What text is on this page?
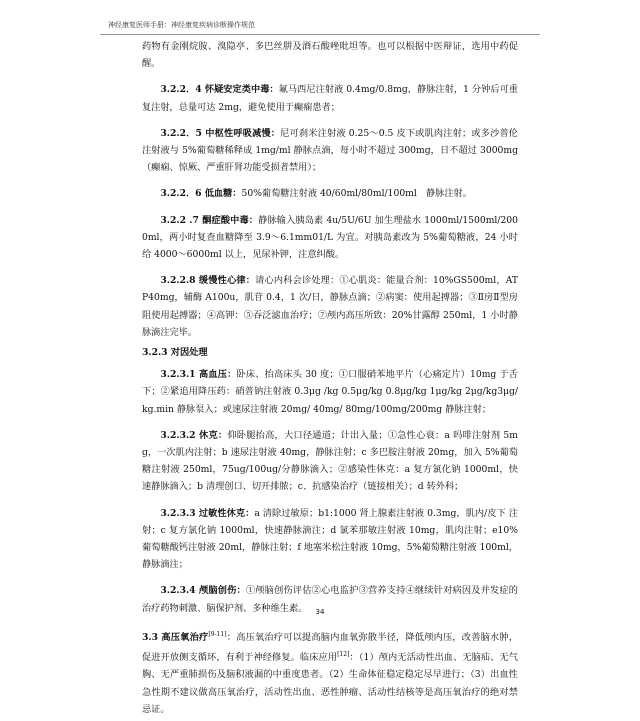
神经康复医师手册：神经康复疾病诊断操作规范

药物有金刚烷胺、溴隐亭、多巴丝肼及酒石酸唑吡坦等。也可以根据中医辩证，选用中药促醒。

3.2.2．4 怀疑安定类中毒：氟马西尼注射液 0.4mg/0.8mg，静脉注射，1 分钟后可重复注射，总量可达 2mg，避免使用于癫痫患者；

3.2.2．5 中枢性呼吸减慢：尼可刹米注射液 0.25～0.5 皮下或肌肉注射；或多沙普伦注射液与 5%葡萄糖稀释成 1mg/ml 静脉点滴，每小时不超过 300mg，日不超过 3000mg（癫痫、惊厥、严重肝肾功能受损者禁用）；

3.2.2．6 低血糖：50%葡萄糖注射液 40/60ml/80ml/100ml　静脉注射。

3.2.2 .7 酮症酸中毒：静脉输入胰岛素 4u/5U/6U 加生理盐水 1000ml/1500ml/2000ml，两小时复查血糖降至 3.9～6.1mm01/L 为宜。对胰岛素改为 5%葡萄糖液，24 小时给 4000～6000ml 以上，见尿补钾，注意纠酸。

3.2.2.8 缓慢性心律：请心内科会诊处理：①心肌炎：能量合剂：10%GS500ml，ATP40mg，辅酶 A100u，肌苷 0.4，1 次/日，静脉点滴；②病窦：使用起搏器；③Ⅱ房Ⅱ型房阻使用起搏器；④高钾：⑤吞泛滤血治疗；⑦颅内高压所致：20%甘露醇 250ml，1 小时静脉滴注完毕。

3.2.3 对因处理

3.2.3.1 高血压：卧床、抬高床头 30 度；①口服硝苯地平片（心痛定片）10mg 于舌下；②紧追用降压药：硝普钠注射液 0.3μg /kg 0.5μg/kg 0.8μg/kg 1μg/kg 2μg/kg3μg/kg.min 静脉泵入；或速尿注射液 20mg/ 40mg/ 80mg/100mg/200mg 静脉注射；

3.2.3.2 休克：仰卧腿抬高，大口径通道；计出入量；①急性心衰：a 吗啡注射剂 5mg，一次肌内注射；b 速尿注射液 40mg，静脉注射；c 多巴胺注射液 20mg，加入 5%葡萄糖注射液 250ml，75ug/100ug/分静脉滴入；②感染性休克：a 复方氯化钠 1000ml，快速静脉滴入；b 清理创口、切开排脓；c、抗感染治疗（链接相关）；d 转外科；

3.2.3.3 过敏性休克：a 清除过敏原；b1:1000 肾上腺素注射液 0.3mg，肌内/皮下 注射；c 复方氯化钠 1000ml，快速静脉滴注；d 氯苯那敏注射液 10mg，肌肉注射；e10%葡萄糖酸钙注射液 20ml，静脉注射；f 地塞米松注射液 10mg，5%葡萄糖注射液 100ml，静脉滴注；

3.2.3.4 颅脑创伤：①颅脑创伤评估②心电监护③营养支持④继续针对病因及并发症的治疗药物刺激、脑保护剂、多种维生素。

3.3 高压氧治疗[9-11]：高压氧治疗可以提高脑内血氧弥散半径，降低颅内压，改善脑水肿，促进开放侧支循环，有利于神经修复。临床应用[12]：（1）颅内无活动性出血、无脑疝、无气胸、无严重肺损伤及脑积液漏的中重度患者。（2）生命体征稳定稳定尽早进行；（3）出血性急性期不建议做高压氧治疗，活动性出血、恶性肿瘤、活动性结核等是高压氧治疗的绝对禁忌证。

34
